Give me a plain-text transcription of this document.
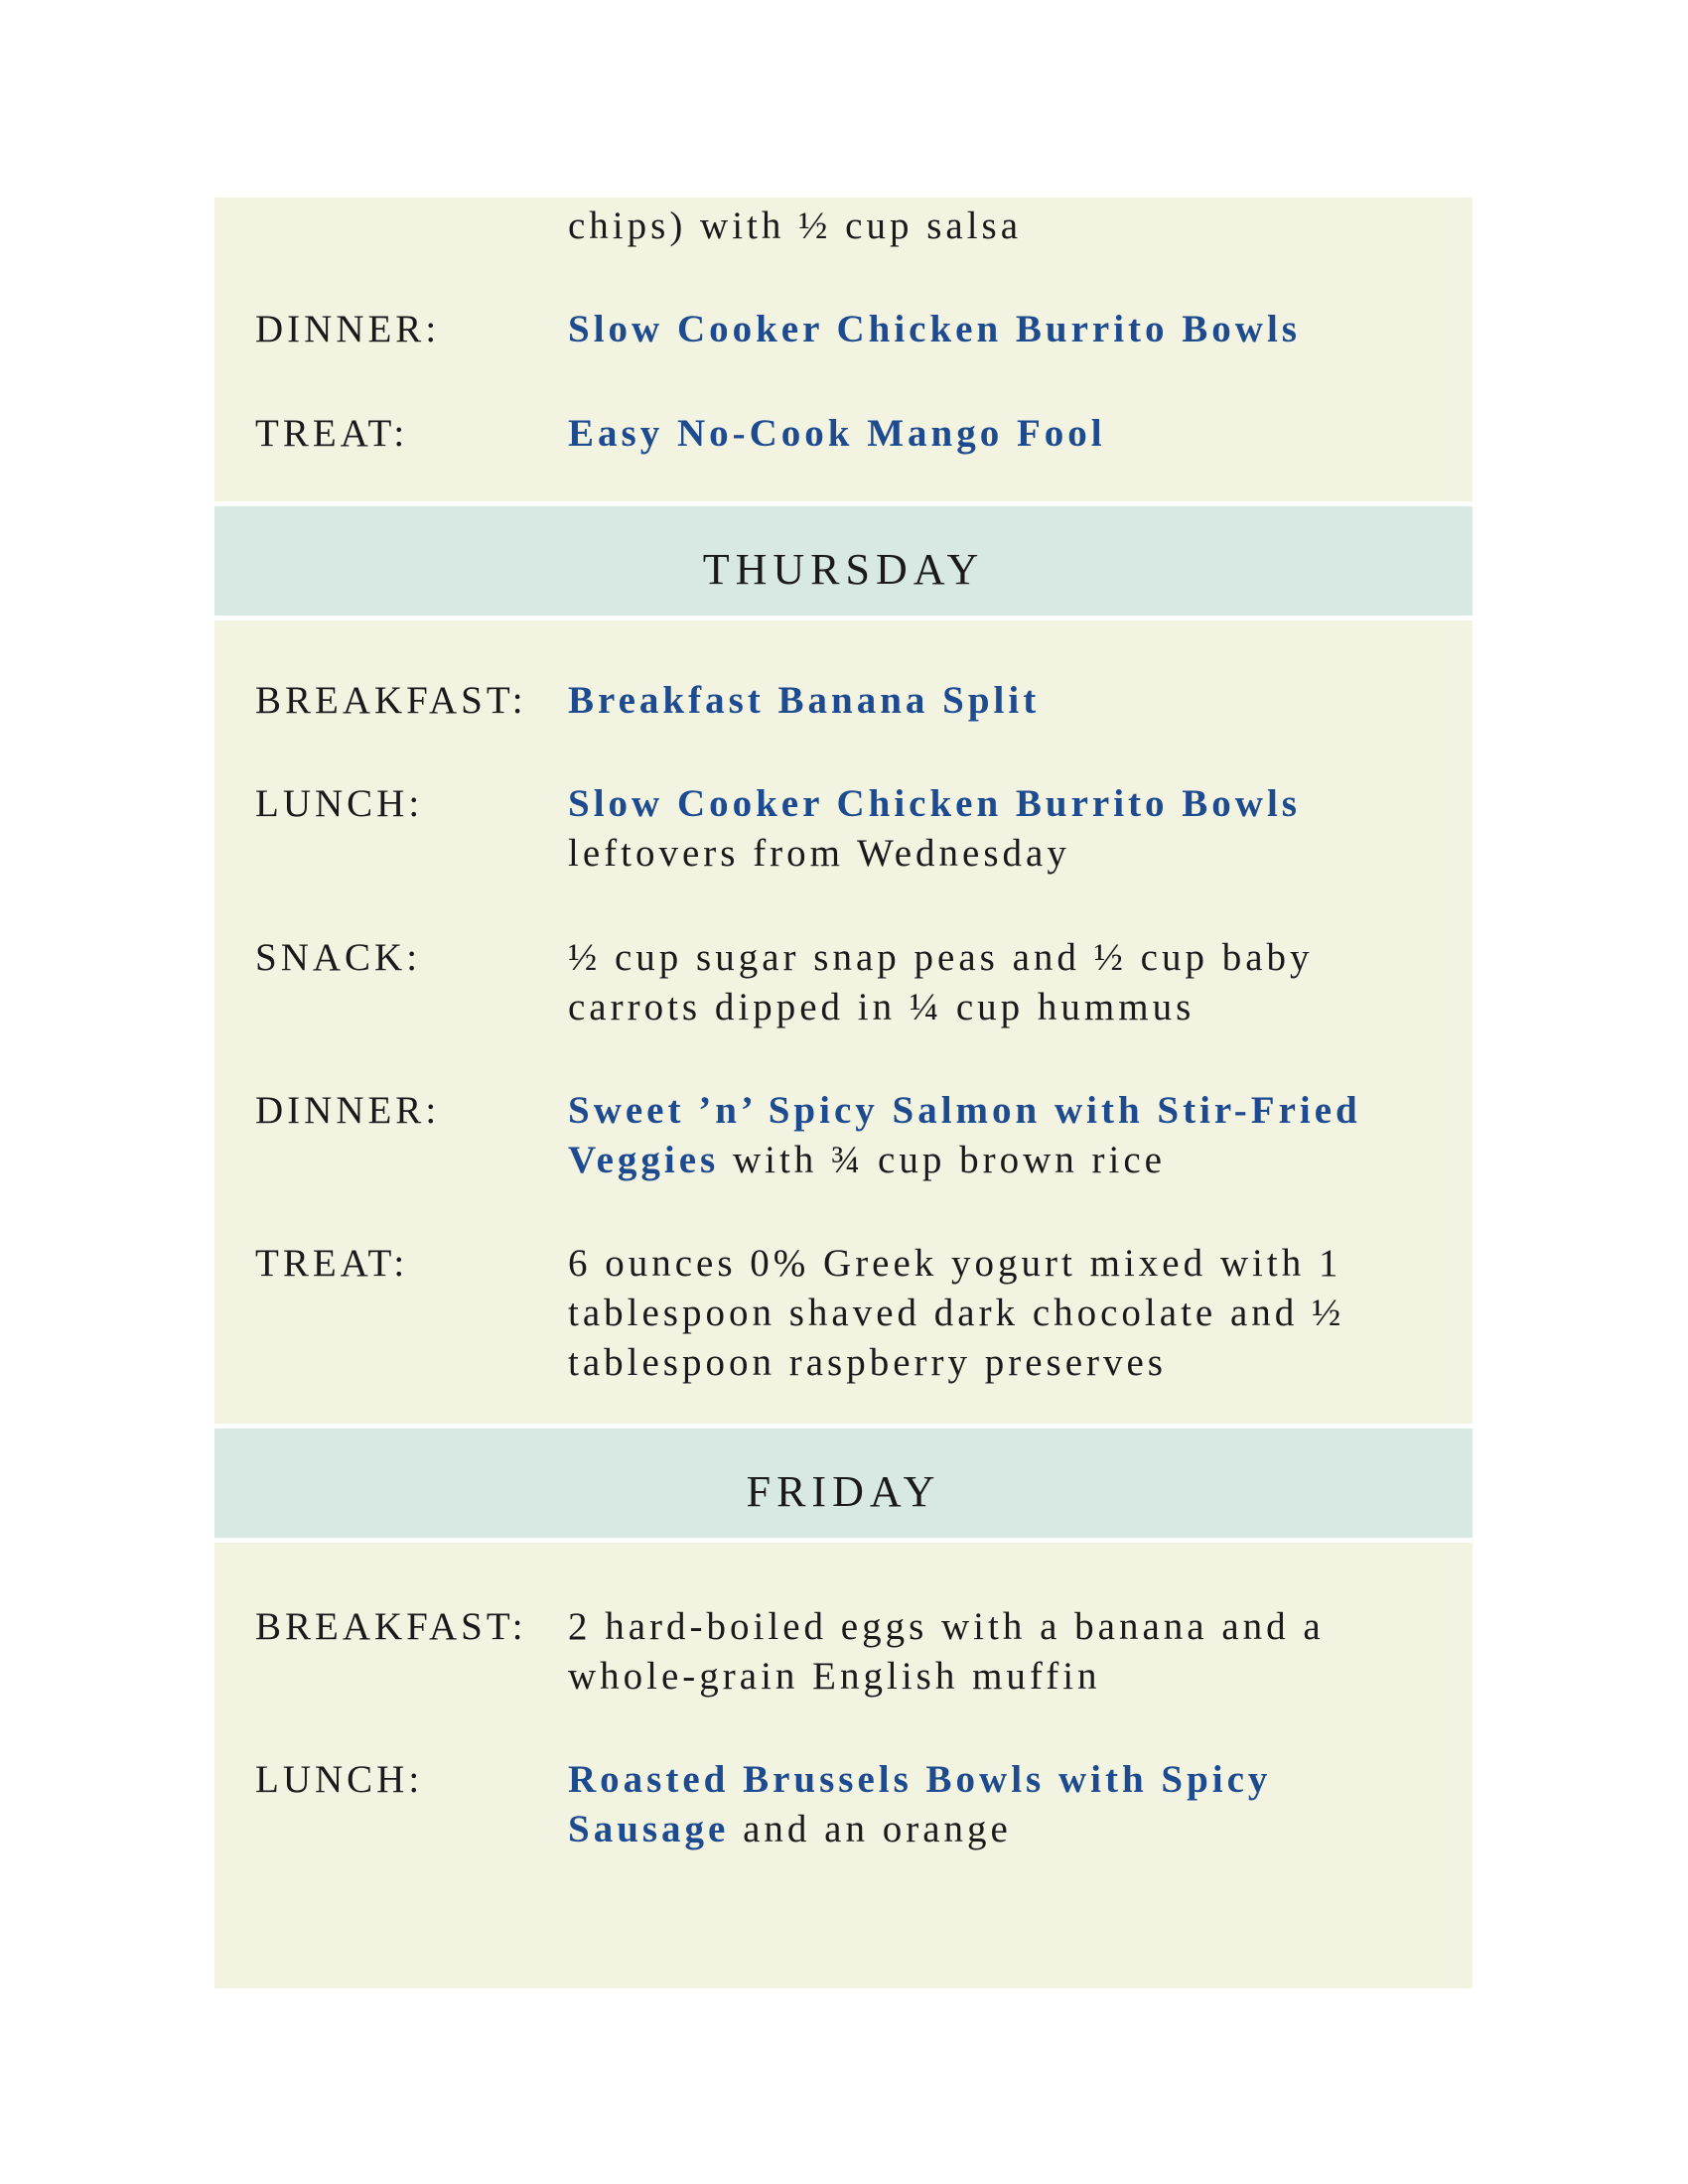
chips) with ½ cup salsa
DINNER:	Slow Cooker Chicken Burrito Bowls
TREAT:	Easy No-Cook Mango Fool
THURSDAY
BREAKFAST: Breakfast Banana Split
LUNCH:	Slow Cooker Chicken Burrito Bowls
leftovers from Wednesday
SNACK:	½ cup sugar snap peas and ½ cup baby carrots dipped in ¼ cup hummus
DINNER:	Sweet ’n’ Spicy Salmon with Stir-Fried Veggies with ¾ cup brown rice
TREAT:	6 ounces 0% Greek yogurt mixed with 1 tablespoon shaved dark chocolate and ½ tablespoon raspberry preserves
FRIDAY
BREAKFAST: 2 hard-boiled eggs with a banana and a whole-grain English muffin
LUNCH:	Roasted Brussels Bowls with Spicy Sausage and an orange
